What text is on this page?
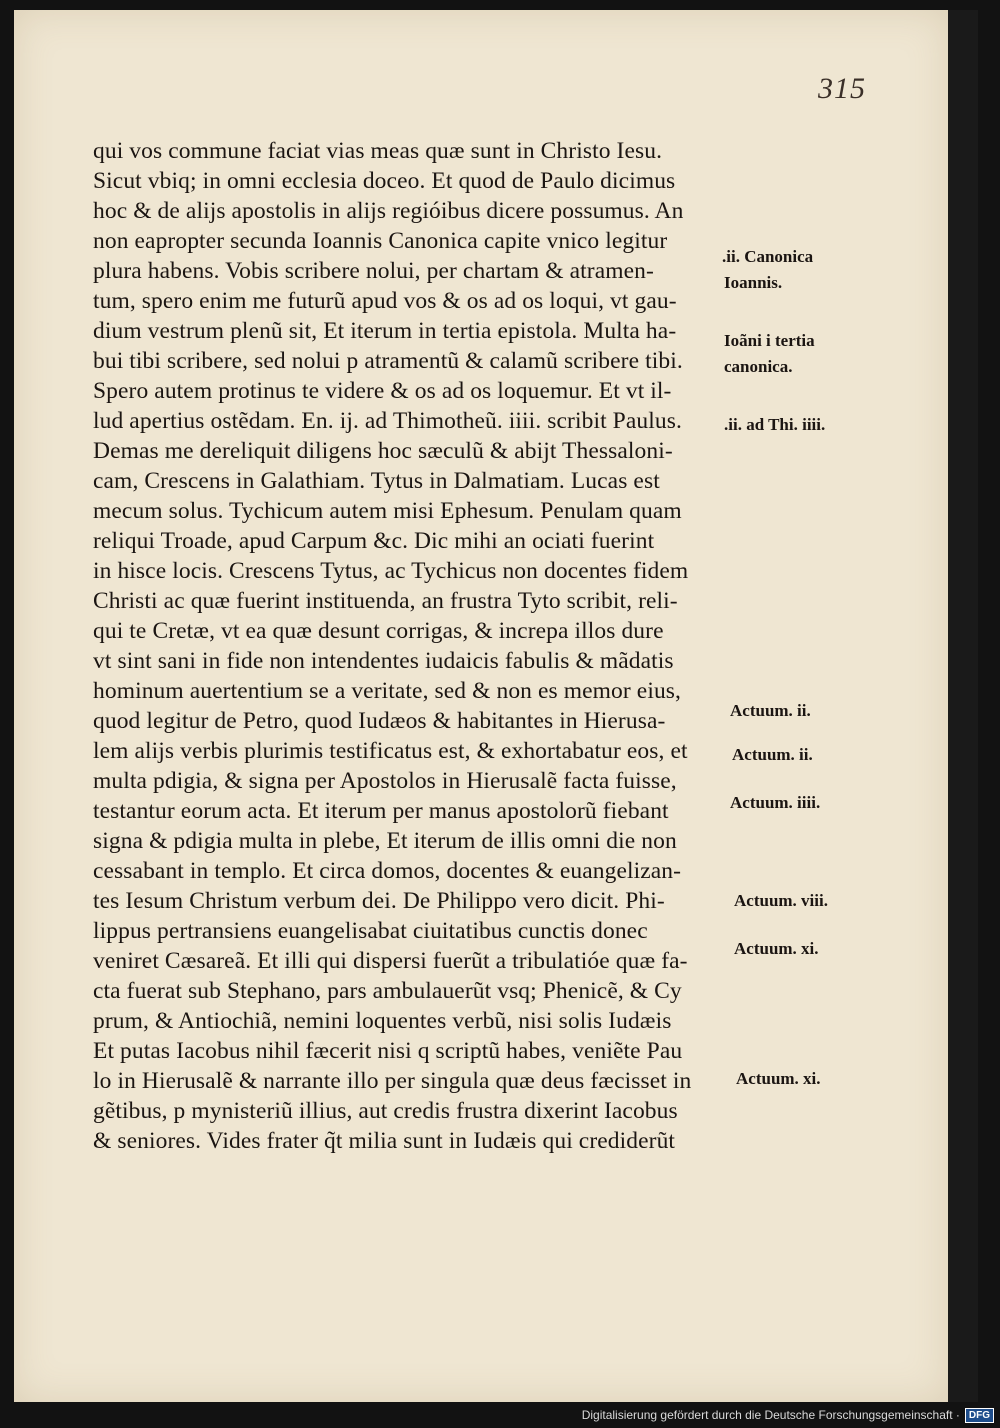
315
qui vos commune faciat vias meas quæ sunt in Christo Iesu.
Sicut vbiq; in omni ecclesia doceo. Et quod de Paulo dicimus
hoc & de alijs apostolis in alijs regióibus dicere possumus. An
non eapropter secunda Ioannis Canonica capite vnico legitur
plura habens. Vobis scribere nolui, per chartam & atramen-
tum, spero enim me futurũ apud vos & os ad os loqui, vt gau-
dium vestrum plenũ sit, Et iterum in tertia epistola. Multa ha-
bui tibi scribere, sed nolui p atramentũ & calamũ scribere tibi.
Spero autem protinus te videre & os ad os loquemur. Et vt il-
lud apertius ostẽdam. En. ij. ad Thimotheũ. iiii. scribit Paulus.
Demas me dereliquit diligens hoc sæculũ & abijt Thessaloni-
cam, Crescens in Galathiam. Tytus in Dalmatiam. Lucas est
mecum solus. Tychicum autem misi Ephesum. Penulam quam
reliqui Troade, apud Carpum &c. Dic mihi an ociati fuerint
in hisce locis. Crescens Tytus, ac Tychicus non docentes fidem
Christi ac quæ fuerint instituenda, an frustra Tyto scribit, reli-
qui te Cretæ, vt ea quæ desunt corrigas, & increpa illos dure
vt sint sani in fide non intendentes iudaicis fabulis & mãdatis
hominum auertentium se a veritate, sed & non es memor eius,
quod legitur de Petro, quod Iudæos & habitantes in Hierusa-
lem alijs verbis plurimis testificatus est, & exhortabatur eos, et
multa pdigia, & signa per Apostolos in Hierusalẽ facta fuisse,
testantur eorum acta. Et iterum per manus apostolorũ fiebant
signa & pdigia multa in plebe, Et iterum de illis omni die non
cessabant in templo. Et circa domos, docentes & euangelizan-
tes Iesum Christum verbum dei. De Philippo vero dicit. Phi-
lippus pertransiens euangelisabat ciuitatibus cunctis donec
veniret Cæsareã. Et illi qui dispersi fuerũt a tribulatióe quæ fa-
cta fuerat sub Stephano, pars ambulauerũt vsq; Phenicẽ, & Cy
prum, & Antiochiã, nemini loquentes verbũ, nisi solis Iudæis
Et putas Iacobus nihil fæcerit nisi q scriptũ habes, veniẽte Pau
lo in Hierusalẽ & narrante illo per singula quæ deus fæcisset in
gẽtibus, p mynisteriũ illius, aut credis frustra dixerint Iacobus
& seniores. Vides frater q̃t milia sunt in Iudæis qui crediderũt
.ii. Canonica
Ioannis.
Ioãni i tertia
canonica.
.ii. ad Thi. iiii.
Actuum. ii.
Actuum. ii.
Actuum. iiii.
Actuum. viii.
Actuum. xi.
Actuum. xi.
Digitalisierung gefördert durch die Deutsche Forschungsgemeinschaft · DFG
